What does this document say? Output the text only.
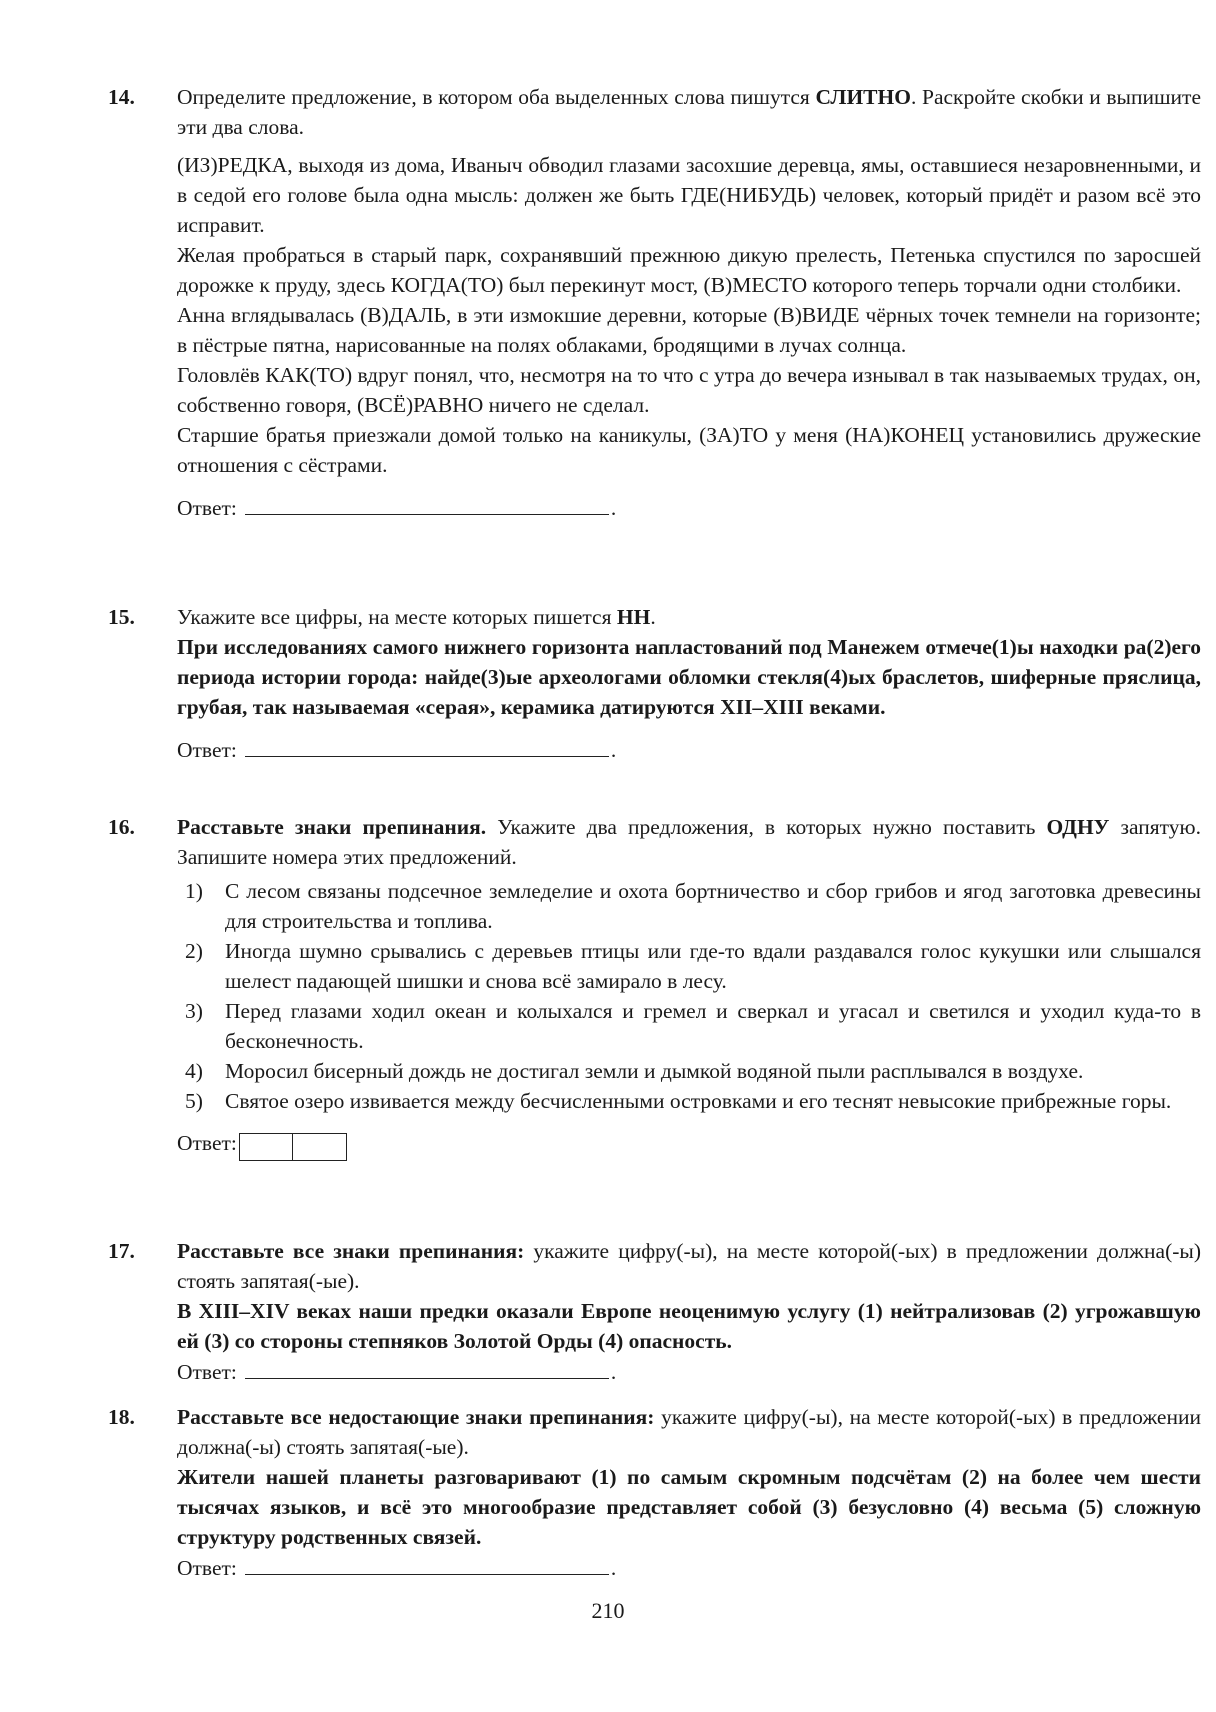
14.	Определите предложение, в котором оба выделенных слова пишутся СЛИТНО. Раскройте скобки и выпишите эти два слова.

(ИЗ)РЕДКА, выходя из дома, Иваныч обводил глазами засохшие деревца, ямы, оставшиеся незаровненными, и в седой его голове была одна мысль: должен же быть ГДЕ(НИБУДЬ) человек, который придёт и разом всё это исправит.

Желая пробраться в старый парк, сохранявший прежнюю дикую прелесть, Петенька спустился по заросшей дорожке к пруду, здесь КОГДА(ТО) был перекинут мост, (В)МЕСТО которого теперь торчали одни столбики.

Анна вглядывалась (В)ДАЛЬ, в эти измокшие деревни, которые (В)ВИДЕ чёрных точек темнели на горизонте; в пёстрые пятна, нарисованные на полях облаками, бродящими в лучах солнца.

Головлёв КАК(ТО) вдруг понял, что, несмотря на то что с утра до вечера изнывал в так называемых трудах, он, собственно говоря, (ВСЁ)РАВНО ничего не сделал.

Старшие братья приезжали домой только на каникулы, (ЗА)ТО у меня (НА)КОНЕЦ установились дружеские отношения с сёстрами.

Ответ:	.

15.	Укажите все цифры, на месте которых пишется НН.

При исследованиях самого нижнего горизонта напластований под Манежем отмече(1)ы находки ра(2)его периода истории города: найде(3)ые археологами обломки стекля(4)ых браслетов, шиферные пряслица, грубая, так называемая «серая», керамика датируются XII–XIII веками.

Ответ:	.

16.	Расставьте знаки препинания. Укажите два предложения, в которых нужно поставить ОДНУ запятую. Запишите номера этих предложений.

1) С лесом связаны подсечное земледелие и охота бортничество и сбор грибов и ягод заготовка древесины для строительства и топлива.

2) Иногда шумно срывались с деревьев птицы или где-то вдали раздавался голос кукушки или слышался шелест падающей шишки и снова всё замирало в лесу.

3) Перед глазами ходил океан и колыхался и гремел и сверкал и угасал и светился и уходил куда-то в бесконечность.

4) Моросил бисерный дождь не достигал земли и дымкой водяной пыли расплывался в воздухе.

5) Святое озеро извивается между бесчисленными островками и его теснят невысокие прибрежные горы.

Ответ:

17.	Расставьте все знаки препинания: укажите цифру(-ы), на месте которой(-ых) в предложении должна(-ы) стоять запятая(-ые).

В XIII–XIV веках наши предки оказали Европе неоценимую услугу (1) нейтрализовав (2) угрожавшую ей (3) со стороны степняков Золотой Орды (4) опасность.

Ответ:	.

18.	Расставьте все недостающие знаки препинания: укажите цифру(-ы), на месте которой(-ых) в предложении должна(-ы) стоять запятая(-ые).

Жители нашей планеты разговаривают (1) по самым скромным подсчётам (2) на более чем шести тысячах языков, и всё это многообразие представляет собой (3) безусловно (4) весьма (5) сложную структуру родственных связей.

Ответ:	.

210
